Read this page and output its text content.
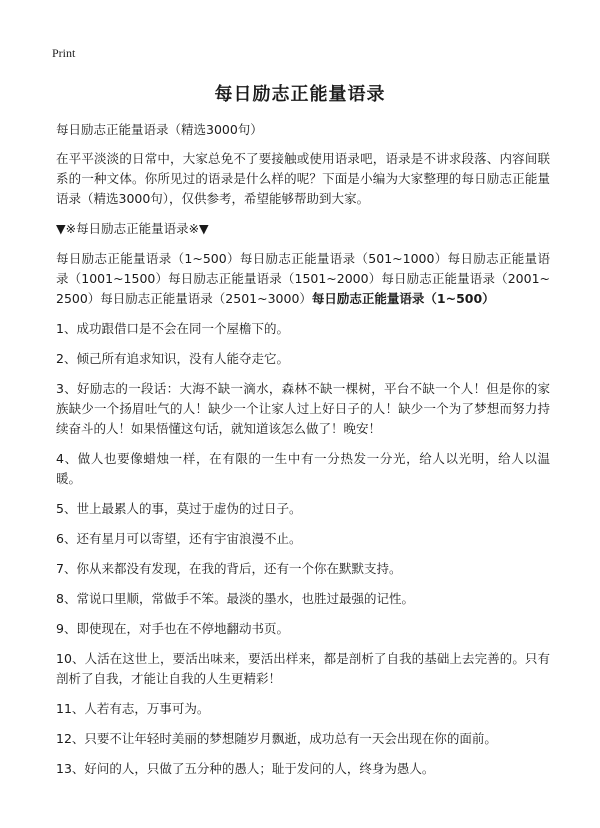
Print
每日励志正能量语录

每日励志正能量语录（精选3000句）

在平平淡淡的日常中，大家总免不了要接触或使用语录吧，语录是不讲求段落、内容间联系的一种文体。你所见过的语录是什么样的呢？下面是小编为大家整理的每日励志正能量语录（精选3000句），仅供参考，希望能够帮助到大家。

▼※每日励志正能量语录※▼

每日励志正能量语录（1~500）每日励志正能量语录（501~1000）每日励志正能量语录（1001~1500）每日励志正能量语录（1501~2000）每日励志正能量语录（2001~2500）每日励志正能量语录（2501~3000）每日励志正能量语录（1~500）

1、成功跟借口是不会在同一个屋檐下的。

2、倾己所有追求知识，没有人能夺走它。

3、好励志的一段话：大海不缺一滴水，森林不缺一棵树，平台不缺一个人！但是你的家族缺少一个扬眉吐气的人！缺少一个让家人过上好日子的人！缺少一个为了梦想而努力持续奋斗的人！如果悟懂这句话，就知道该怎么做了！晚安！

4、做人也要像蜡烛一样，在有限的一生中有一分热发一分光，给人以光明，给人以温暖。

5、世上最累人的事，莫过于虚伪的过日子。

6、还有星月可以寄望，还有宇宙浪漫不止。

7、你从来都没有发现，在我的背后，还有一个你在默默支持。

8、常说口里顺，常做手不笨。最淡的墨水，也胜过最强的记性。

9、即使现在，对手也在不停地翻动书页。

10、人活在这世上，要活出味来，要活出样来，都是剖析了自我的基础上去完善的。只有剖析了自我，才能让自我的人生更精彩！

11、人若有志，万事可为。

12、只要不让年轻时美丽的梦想随岁月飘逝，成功总有一天会出现在你的面前。

13、好问的人，只做了五分种的愚人；耻于发问的人，终身为愚人。
